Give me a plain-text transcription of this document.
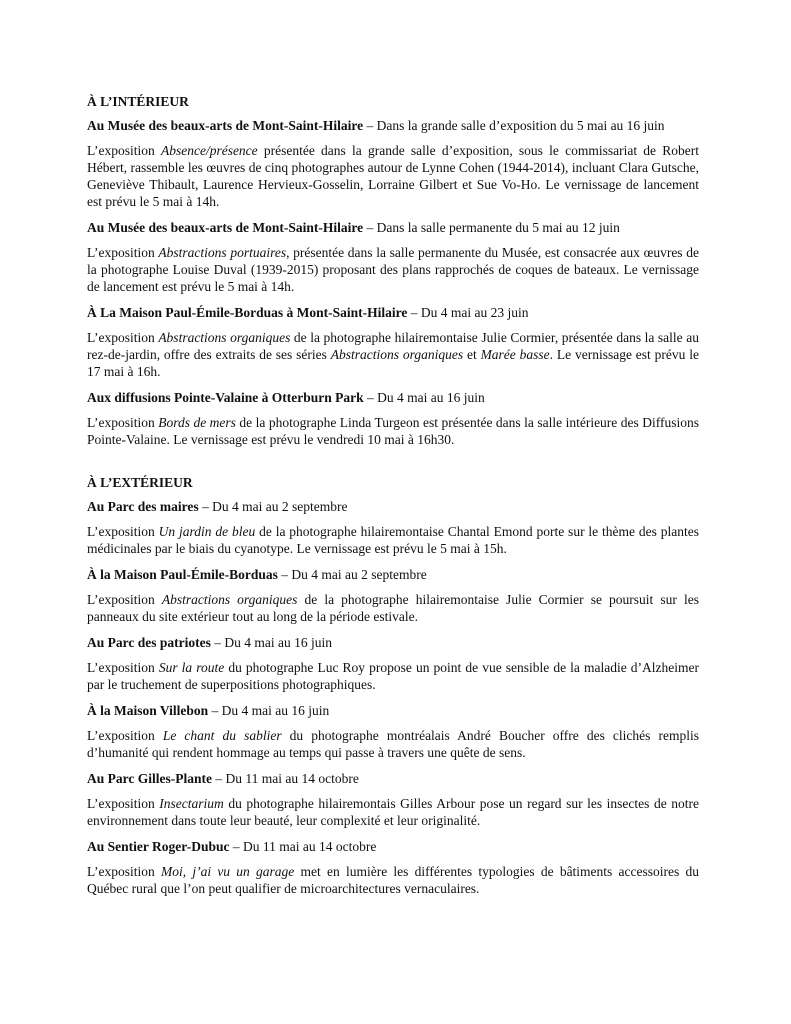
À L’INTÉRIEUR
Au Musée des beaux-arts de Mont-Saint-Hilaire – Dans la grande salle d’exposition du 5 mai au 16 juin
L’exposition Absence/présence présentée dans la grande salle d’exposition, sous le commissariat de Robert Hébert, rassemble les œuvres de cinq photographes autour de Lynne Cohen (1944-2014), incluant Clara Gutsche, Geneviève Thibault, Laurence Hervieux-Gosselin, Lorraine Gilbert et Sue Vo-Ho. Le vernissage de lancement est prévu le 5 mai à 14h.
Au Musée des beaux-arts de Mont-Saint-Hilaire – Dans la salle permanente du 5 mai au 12 juin
L’exposition Abstractions portuaires, présentée dans la salle permanente du Musée, est consacrée aux œuvres de la photographe Louise Duval (1939-2015) proposant des plans rapprochés de coques de bateaux. Le vernissage de lancement est prévu le 5 mai à 14h.
À La Maison Paul-Émile-Borduas à Mont-Saint-Hilaire – Du 4 mai au 23 juin
L’exposition Abstractions organiques de la photographe hilairemontaise Julie Cormier, présentée dans la salle au rez-de-jardin, offre des extraits de ses séries Abstractions organiques et Marée basse. Le vernissage est prévu le 17 mai à 16h.
Aux diffusions Pointe-Valaine à Otterburn Park – Du 4 mai au 16 juin
L’exposition Bords de mers de la photographe Linda Turgeon est présentée dans la salle intérieure des Diffusions Pointe-Valaine. Le vernissage est prévu le vendredi 10 mai à 16h30.
À L’EXTÉRIEUR
Au Parc des maires – Du 4 mai au 2 septembre
L’exposition Un jardin de bleu de la photographe hilairemontaise Chantal Emond porte sur le thème des plantes médicinales par le biais du cyanotype. Le vernissage est prévu le 5 mai à 15h.
À la Maison Paul-Émile-Borduas – Du 4 mai au 2 septembre
L’exposition Abstractions organiques de la photographe hilairemontaise Julie Cormier se poursuit sur les panneaux du site extérieur tout au long de la période estivale.
Au Parc des patriotes – Du 4 mai au 16 juin
L’exposition Sur la route du photographe Luc Roy propose un point de vue sensible de la maladie d’Alzheimer par le truchement de superpositions photographiques.
À la Maison Villebon – Du 4 mai au 16 juin
L’exposition Le chant du sablier du photographe montréalais André Boucher offre des clichés remplis d’humanité qui rendent hommage au temps qui passe à travers une quête de sens.
Au Parc Gilles-Plante – Du 11 mai au 14 octobre
L’exposition Insectarium du photographe hilairemontais Gilles Arbour pose un regard sur les insectes de notre environnement dans toute leur beauté, leur complexité et leur originalité.
Au Sentier Roger-Dubuc – Du 11 mai au 14 octobre
L’exposition Moi, j’ai vu un garage met en lumière les différentes typologies de bâtiments accessoires du Québec rural que l’on peut qualifier de microarchitectures vernaculaires.
